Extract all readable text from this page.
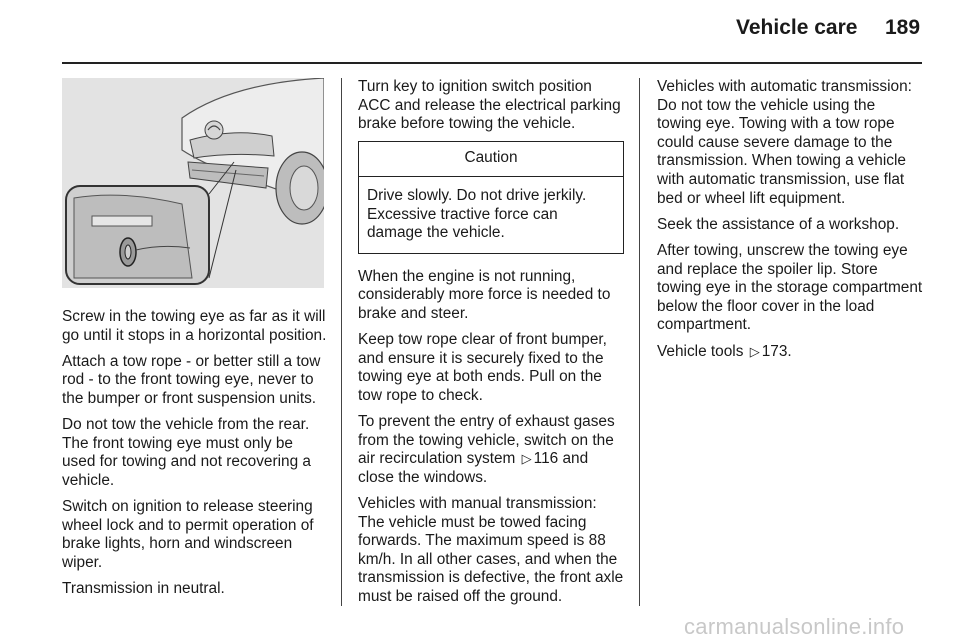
Vehicle care 189

Screw in the towing eye as far as it will go until it stops in a horizontal position.

Attach a tow rope - or better still a tow rod - to the front towing eye, never to the bumper or front suspension units.

Do not tow the vehicle from the rear. The front towing eye must only be used for towing and not recovering a vehicle.

Switch on ignition to release steering wheel lock and to permit operation of brake lights, horn and windscreen wiper.

Transmission in neutral.

Turn key to ignition switch position ACC and release the electrical parking brake before towing the vehicle.

Caution
Drive slowly. Do not drive jerkily. Excessive tractive force can damage the vehicle.

When the engine is not running, considerably more force is needed to brake and steer.

Keep tow rope clear of front bumper, and ensure it is securely fixed to the towing eye at both ends. Pull on the tow rope to check.

To prevent the entry of exhaust gases from the towing vehicle, switch on the air recirculation system ▷ 116 and close the windows.

Vehicles with manual transmission: The vehicle must be towed facing forwards. The maximum speed is 88 km/h. In all other cases, and when the transmission is defective, the front axle must be raised off the ground.

Vehicles with automatic transmission: Do not tow the vehicle using the towing eye. Towing with a tow rope could cause severe damage to the transmission. When towing a vehicle with automatic transmission, use flat bed or wheel lift equipment.

Seek the assistance of a workshop.

After towing, unscrew the towing eye and replace the spoiler lip. Store towing eye in the storage compartment below the floor cover in the load compartment.

Vehicle tools ▷ 173.

carmanualsonline.info
